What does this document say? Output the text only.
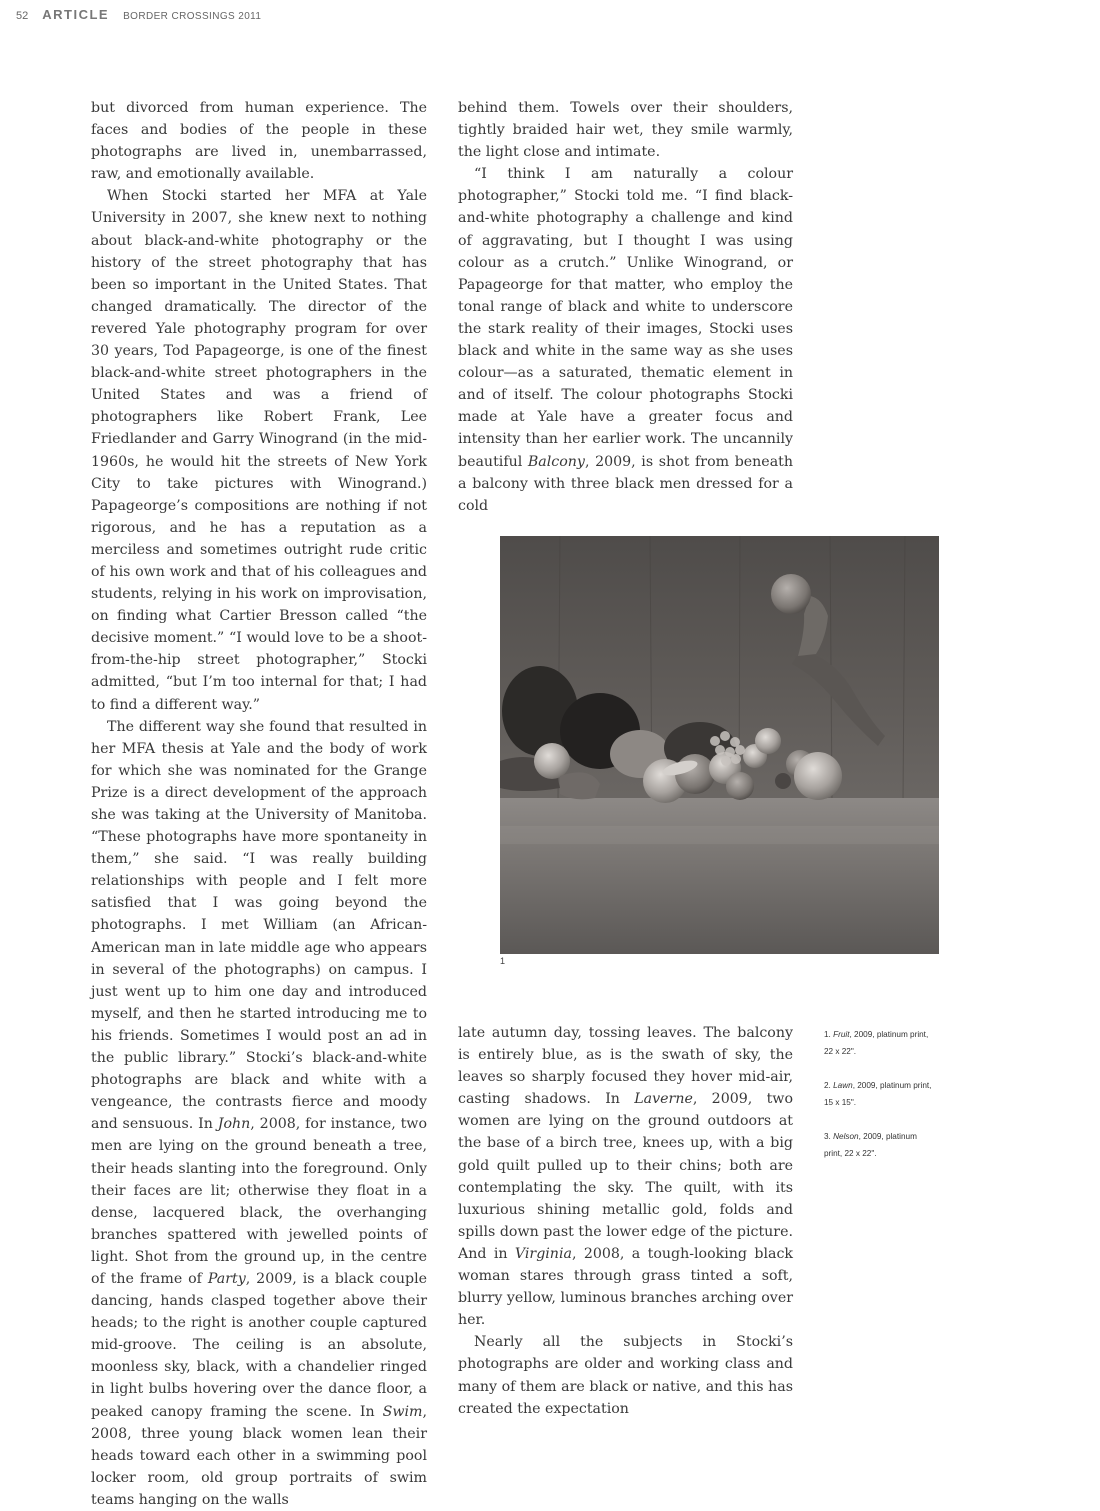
52 ARTICLE BORDER CROSSINGS 2011

but divorced from human experience. The faces and bodies of the people in these photographs are lived in, unembarrassed, raw, and emotionally available.

When Stocki started her MFA at Yale University in 2007, she knew next to nothing about black-and-white photography or the history of the street photography that has been so important in the United States. That changed dramatically. The director of the revered Yale photography program for over 30 years, Tod Papageorge, is one of the finest black-and-white street photographers in the United States and was a friend of photographers like Robert Frank, Lee Friedlander and Garry Winogrand (in the mid-1960s, he would hit the streets of New York City to take pictures with Winogrand.) Papageorge’s compositions are nothing if not rigorous, and he has a reputation as a merciless and sometimes outright rude critic of his own work and that of his colleagues and students, relying in his work on improvisation, on finding what Cartier Bresson called “the decisive moment.” “I would love to be a shoot-from-the-hip street photographer,” Stocki admitted, “but I’m too internal for that; I had to find a different way.”

The different way she found that resulted in her MFA thesis at Yale and the body of work for which she was nominated for the Grange Prize is a direct development of the approach she was taking at the University of Manitoba. “These photographs have more spontaneity in them,” she said. “I was really building relationships with people and I felt more satisfied that I was going beyond the photographs. I met William (an African-American man in late middle age who appears in several of the photographs) on campus. I just went up to him one day and introduced myself, and then he started introducing me to his friends. Sometimes I would post an ad in the public library.” Stocki’s black-and-white photographs are black and white with a vengeance, the contrasts fierce and moody and sensuous. In John, 2008, for instance, two men are lying on the ground beneath a tree, their heads slanting into the foreground. Only their faces are lit; otherwise they float in a dense, lacquered black, the overhanging branches spattered with jewelled points of light. Shot from the ground up, in the centre of the frame of Party, 2009, is a black couple dancing, hands clasped together above their heads; to the right is another couple captured mid-groove. The ceiling is an absolute, moonless sky, black, with a chandelier ringed in light bulbs hovering over the dance floor, a peaked canopy framing the scene. In Swim, 2008, three young black women lean their heads toward each other in a swimming pool locker room, old group portraits of swim teams hanging on the walls

behind them. Towels over their shoulders, tightly braided hair wet, they smile warmly, the light close and intimate.

“I think I am naturally a colour photographer,” Stocki told me. “I find black-and-white photography a challenge and kind of aggravating, but I thought I was using colour as a crutch.” Unlike Winogrand, or Papageorge for that matter, who employ the tonal range of black and white to underscore the stark reality of their images, Stocki uses black and white in the same way as she uses colour—as a saturated, thematic element in and of itself. The colour photographs Stocki made at Yale have a greater focus and intensity than her earlier work. The uncannily beautiful Balcony, 2009, is shot from beneath a balcony with three black men dressed for a cold

1

late autumn day, tossing leaves. The balcony is entirely blue, as is the swath of sky, the leaves so sharply focused they hover mid-air, casting shadows. In Laverne, 2009, two women are lying on the ground outdoors at the base of a birch tree, knees up, with a big gold quilt pulled up to their chins; both are contemplating the sky. The quilt, with its luxurious shining metallic gold, folds and spills down past the lower edge of the picture. And in Virginia, 2008, a tough-looking black woman stares through grass tinted a soft, blurry yellow, luminous branches arching over her.

Nearly all the subjects in Stocki’s photographs are older and working class and many of them are black or native, and this has created the expectation

1. Fruit, 2009, platinum print, 22 x 22".

2. Lawn, 2009, platinum print, 15 x 15".

3. Nelson, 2009, platinum print, 22 x 22".
